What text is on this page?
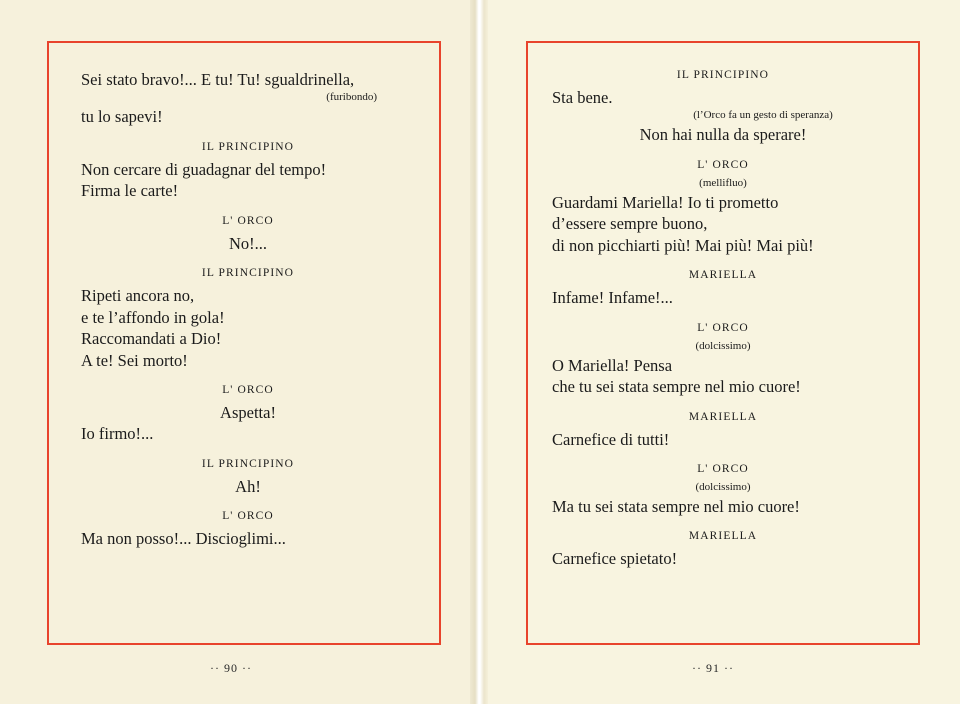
Sei stato bravo!... E tu! Tu! sgualdrinella,
(furibondo)
tu lo sapevi!
IL PRINCIPINO
Non cercare di guadagnar del tempo!
Firma le carte!
L' ORCO
No!...
IL PRINCIPINO
Ripeti ancora no,
e te l’affondo in gola!
Raccomandati a Dio!
A te! Sei morto!
L' ORCO
Aspetta!
Io firmo!...
IL PRINCIPINO
Ah!
L' ORCO
Ma non posso!... Discioglimi...
·· 90 ··

IL PRINCIPINO
Sta bene.
(l’Orco fa un gesto di speranza)
Non hai nulla da sperare!
L' ORCO
(mellifluo)
Guardami Mariella! Io ti prometto
d’essere sempre buono,
di non picchiarti più! Mai più! Mai più!
MARIELLA
Infame! Infame!...
L' ORCO
(dolcissimo)
O Mariella! Pensa
che tu sei stata sempre nel mio cuore!
MARIELLA
Carnefice di tutti!
L' ORCO
(dolcissimo)
Ma tu sei stata sempre nel mio cuore!
MARIELLA
Carnefice spietato!
·· 91 ··
